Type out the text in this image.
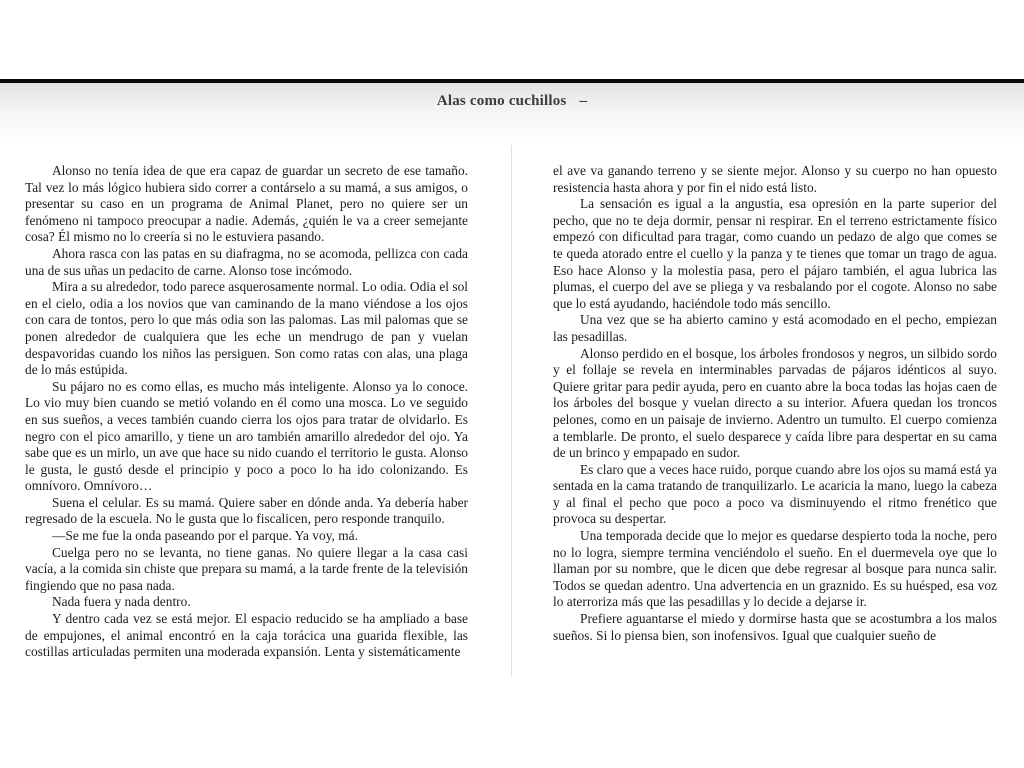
Alas como cuchillos –

Alonso no tenía idea de que era capaz de guardar un secreto de ese tamaño. Tal vez lo más lógico hubiera sido correr a contárselo a su mamá, a sus amigos, o presentar su caso en un programa de Animal Planet, pero no quiere ser un fenómeno ni tampoco preocupar a nadie. Además, ¿quién le va a creer semejante cosa? Él mismo no lo creería si no le estuviera pasando.

Ahora rasca con las patas en su diafragma, no se acomoda, pellizca con cada una de sus uñas un pedacito de carne. Alonso tose incómodo.

Mira a su alrededor, todo parece asquerosamente normal. Lo odia. Odia el sol en el cielo, odia a los novios que van caminando de la mano viéndose a los ojos con cara de tontos, pero lo que más odia son las palomas. Las mil palomas que se ponen alrededor de cualquiera que les eche un mendrugo de pan y vuelan despavoridas cuando los niños las persiguen. Son como ratas con alas, una plaga de lo más estúpida.

Su pájaro no es como ellas, es mucho más inteligente. Alonso ya lo conoce. Lo vio muy bien cuando se metió volando en él como una mosca. Lo ve seguido en sus sueños, a veces también cuando cierra los ojos para tratar de olvidarlo. Es negro con el pico amarillo, y tiene un aro también amarillo alrededor del ojo. Ya sabe que es un mirlo, un ave que hace su nido cuando el territorio le gusta. Alonso le gusta, le gustó desde el principio y poco a poco lo ha ido colonizando. Es omnívoro. Omnívoro…

Suena el celular. Es su mamá. Quiere saber en dónde anda. Ya debería haber regresado de la escuela. No le gusta que lo fiscalicen, pero responde tranquilo.

—Se me fue la onda paseando por el parque. Ya voy, má.

Cuelga pero no se levanta, no tiene ganas. No quiere llegar a la casa casi vacía, a la comida sin chiste que prepara su mamá, a la tarde frente de la televisión fingiendo que no pasa nada.

Nada fuera y nada dentro.

Y dentro cada vez se está mejor. El espacio reducido se ha ampliado a base de empujones, el animal encontró en la caja torácica una guarida flexible, las costillas articuladas permiten una moderada expansión. Lenta y sistemáticamente

el ave va ganando terreno y se siente mejor. Alonso y su cuerpo no han opuesto resistencia hasta ahora y por fin el nido está listo.

La sensación es igual a la angustia, esa opresión en la parte superior del pecho, que no te deja dormir, pensar ni respirar. En el terreno estrictamente físico empezó con dificultad para tragar, como cuando un pedazo de algo que comes se te queda atorado entre el cuello y la panza y te tienes que tomar un trago de agua. Eso hace Alonso y la molestia pasa, pero el pájaro también, el agua lubrica las plumas, el cuerpo del ave se pliega y va resbalando por el cogote. Alonso no sabe que lo está ayudando, haciéndole todo más sencillo.

Una vez que se ha abierto camino y está acomodado en el pecho, empiezan las pesadillas.

Alonso perdido en el bosque, los árboles frondosos y negros, un silbido sordo y el follaje se revela en interminables parvadas de pájaros idénticos al suyo. Quiere gritar para pedir ayuda, pero en cuanto abre la boca todas las hojas caen de los árboles del bosque y vuelan directo a su interior. Afuera quedan los troncos pelones, como en un paisaje de invierno. Adentro un tumulto. El cuerpo comienza a temblarle. De pronto, el suelo desparece y caída libre para despertar en su cama de un brinco y empapado en sudor.

Es claro que a veces hace ruido, porque cuando abre los ojos su mamá está ya sentada en la cama tratando de tranquilizarlo. Le acaricia la mano, luego la cabeza y al final el pecho que poco a poco va disminuyendo el ritmo frenético que provoca su despertar.

Una temporada decide que lo mejor es quedarse despierto toda la noche, pero no lo logra, siempre termina venciéndolo el sueño. En el duermevela oye que lo llaman por su nombre, que le dicen que debe regresar al bosque para nunca salir. Todos se quedan adentro. Una advertencia en un graznido. Es su huésped, esa voz lo aterroriza más que las pesadillas y lo decide a dejarse ir.

Prefiere aguantarse el miedo y dormirse hasta que se acostumbra a los malos sueños. Si lo piensa bien, son inofensivos. Igual que cualquier sueño de
